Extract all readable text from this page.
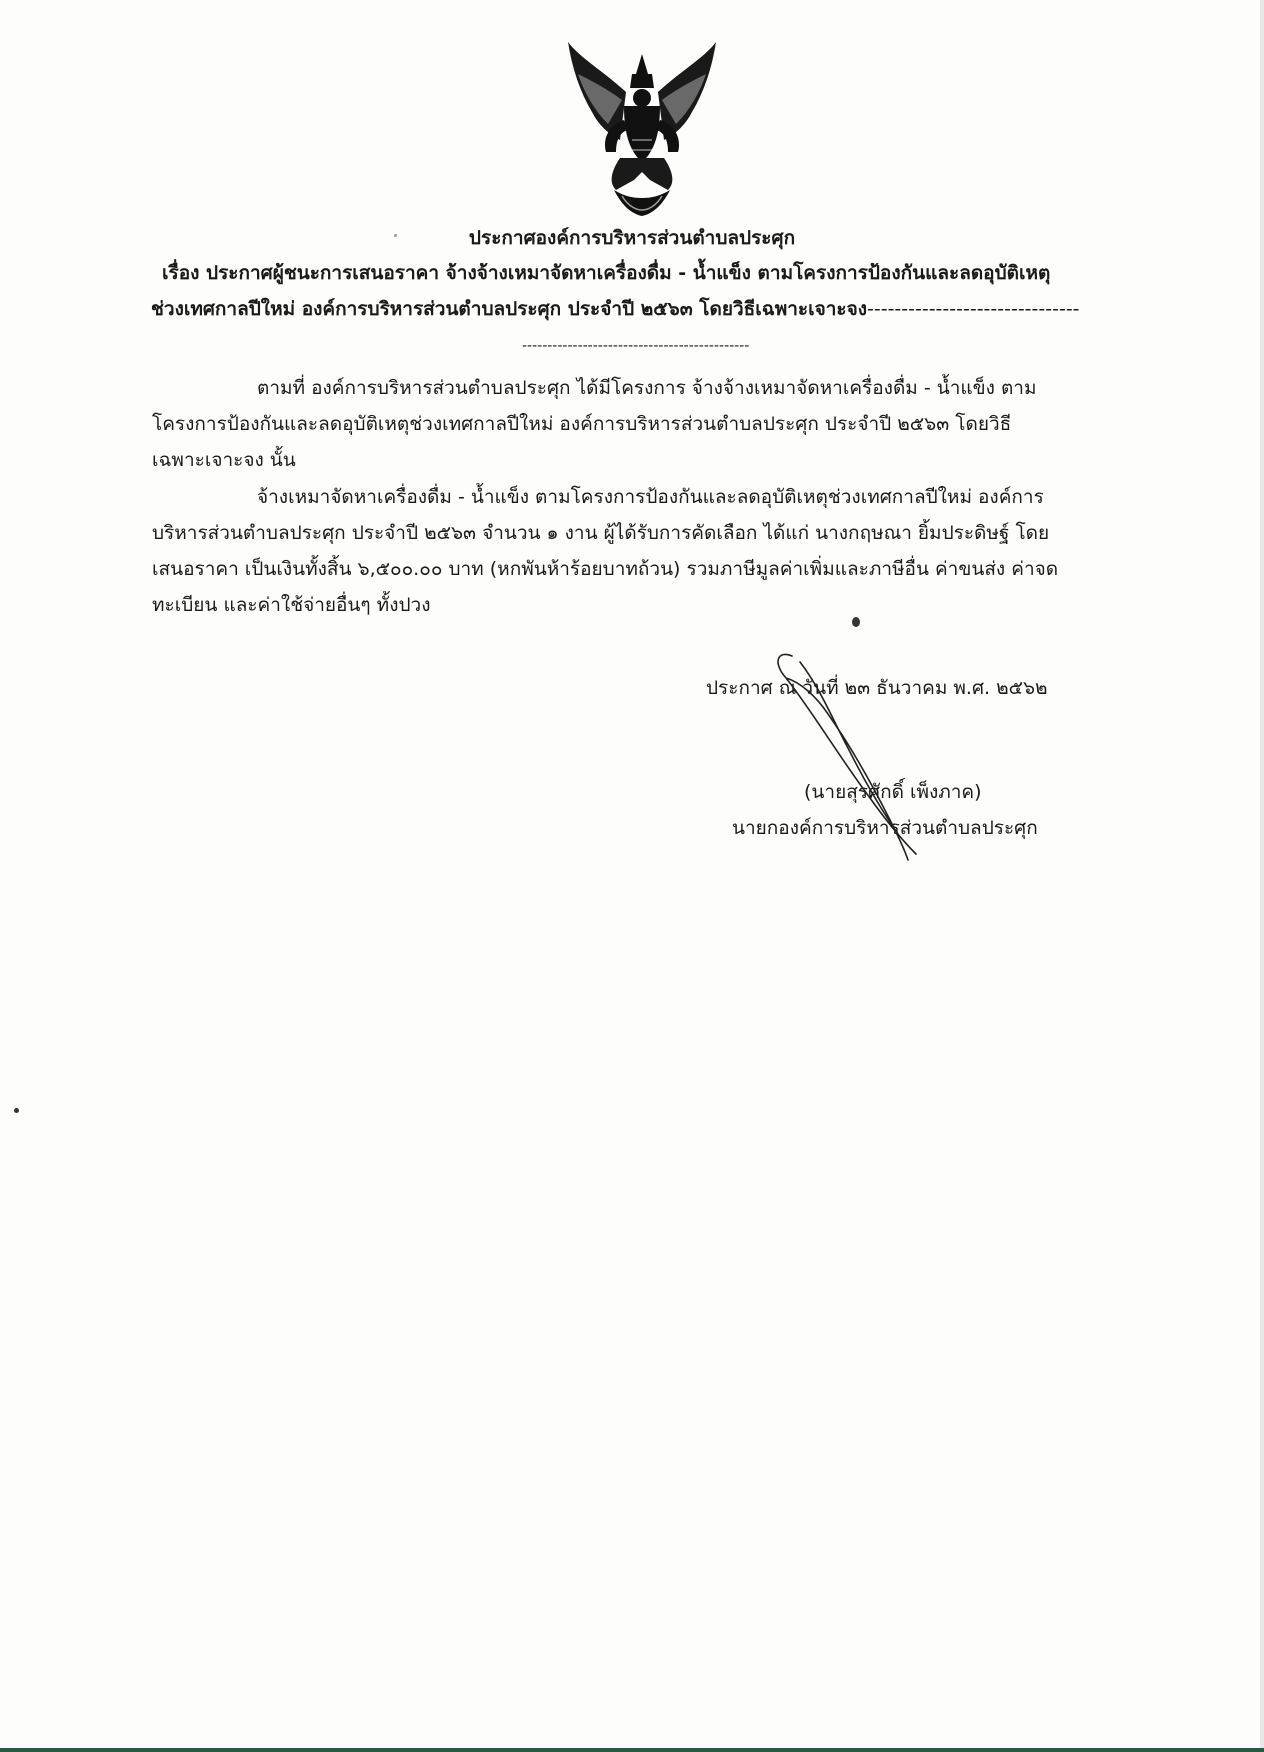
ประกาศองค์การบริหารส่วนตำบลประศุก
เรื่อง ประกาศผู้ชนะการเสนอราคา จ้างจ้างเหมาจัดหาเครื่องดื่ม - น้ำแข็ง ตามโครงการป้องกันและลดอุบัติเหตุ
ช่วงเทศกาลปีใหม่ องค์การบริหารส่วนตำบลประศุก ประจำปี ๒๕๖๓ โดยวิธีเฉพาะเจาะจง-------------------------------
---------------------------------------------
ตามที่ องค์การบริหารส่วนตำบลประศุก ได้มีโครงการ จ้างจ้างเหมาจัดหาเครื่องดื่ม - น้ำแข็ง ตาม
โครงการป้องกันและลดอุบัติเหตุช่วงเทศกาลปีใหม่ องค์การบริหารส่วนตำบลประศุก ประจำปี ๒๕๖๓ โดยวิธี
เฉพาะเจาะจง นั้น
จ้างเหมาจัดหาเครื่องดื่ม - น้ำแข็ง ตามโครงการป้องกันและลดอุบัติเหตุช่วงเทศกาลปีใหม่ องค์การ
บริหารส่วนตำบลประศุก ประจำปี ๒๕๖๓ จำนวน ๑ งาน ผู้ได้รับการคัดเลือก ได้แก่ นางกฤษณา ยิ้มประดิษฐ์ โดย
เสนอราคา เป็นเงินทั้งสิ้น ๖,๕๐๐.๐๐ บาท (หกพันห้าร้อยบาทถ้วน) รวมภาษีมูลค่าเพิ่มและภาษีอื่น ค่าขนส่ง ค่าจด
ทะเบียน และค่าใช้จ่ายอื่นๆ ทั้งปวง
ประกาศ ณ วันที่ ๒๓ ธันวาคม พ.ศ. ๒๕๖๒
(นายสุรศักดิ์ เพ็งภาค)
นายกองค์การบริหารส่วนตำบลประศุก
